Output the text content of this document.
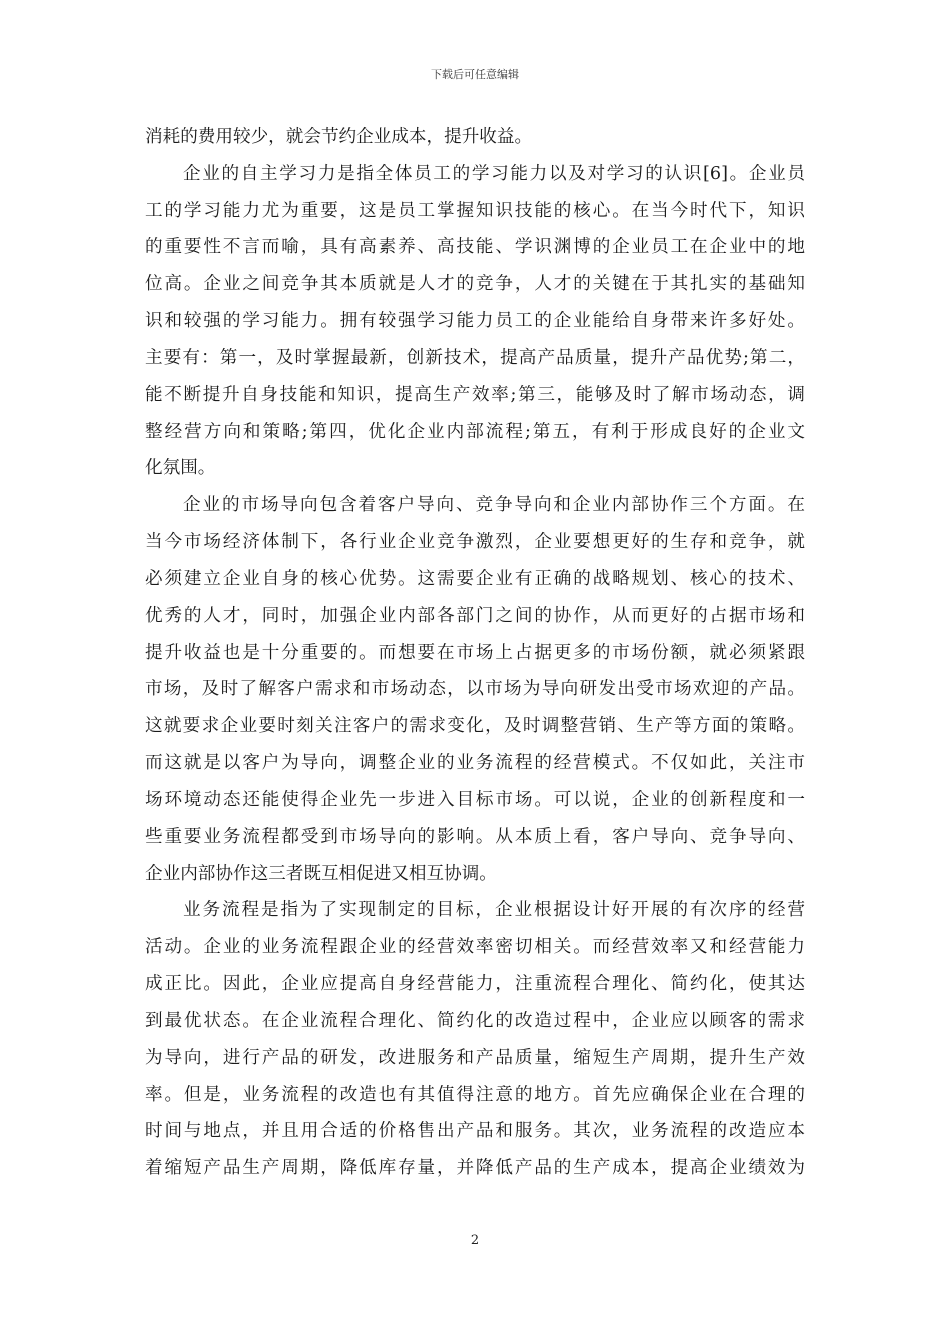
下载后可任意编辑
消耗的费用较少，就会节约企业成本，提升收益。
企业的自主学习力是指全体员工的学习能力以及对学习的认识[6]。企业员
工的学习能力尤为重要，这是员工掌握知识技能的核心。在当今时代下，知识
的重要性不言而喻，具有高素养、高技能、学识渊博的企业员工在企业中的地
位高。企业之间竞争其本质就是人才的竞争，人才的关键在于其扎实的基础知
识和较强的学习能力。拥有较强学习能力员工的企业能给自身带来许多好处。
主要有：第一，及时掌握最新，创新技术，提高产品质量，提升产品优势;第二，
能不断提升自身技能和知识，提高生产效率;第三，能够及时了解市场动态，调
整经营方向和策略;第四，优化企业内部流程;第五，有利于形成良好的企业文
化氛围。
企业的市场导向包含着客户导向、竞争导向和企业内部协作三个方面。在
当今市场经济体制下，各行业企业竞争激烈，企业要想更好的生存和竞争，就
必须建立企业自身的核心优势。这需要企业有正确的战略规划、核心的技术、
优秀的人才，同时，加强企业内部各部门之间的协作，从而更好的占据市场和
提升收益也是十分重要的。而想要在市场上占据更多的市场份额，就必须紧跟
市场，及时了解客户需求和市场动态，以市场为导向研发出受市场欢迎的产品。
这就要求企业要时刻关注客户的需求变化，及时调整营销、生产等方面的策略。
而这就是以客户为导向，调整企业的业务流程的经营模式。不仅如此，关注市
场环境动态还能使得企业先一步进入目标市场。可以说，企业的创新程度和一
些重要业务流程都受到市场导向的影响。从本质上看，客户导向、竞争导向、
企业内部协作这三者既互相促进又相互协调。
业务流程是指为了实现制定的目标，企业根据设计好开展的有次序的经营
活动。企业的业务流程跟企业的经营效率密切相关。而经营效率又和经营能力
成正比。因此，企业应提高自身经营能力，注重流程合理化、简约化，使其达
到最优状态。在企业流程合理化、简约化的改造过程中，企业应以顾客的需求
为导向，进行产品的研发，改进服务和产品质量，缩短生产周期，提升生产效
率。但是，业务流程的改造也有其值得注意的地方。首先应确保企业在合理的
时间与地点，并且用合适的价格售出产品和服务。其次，业务流程的改造应本
着缩短产品生产周期，降低库存量，并降低产品的生产成本，提高企业绩效为
2
